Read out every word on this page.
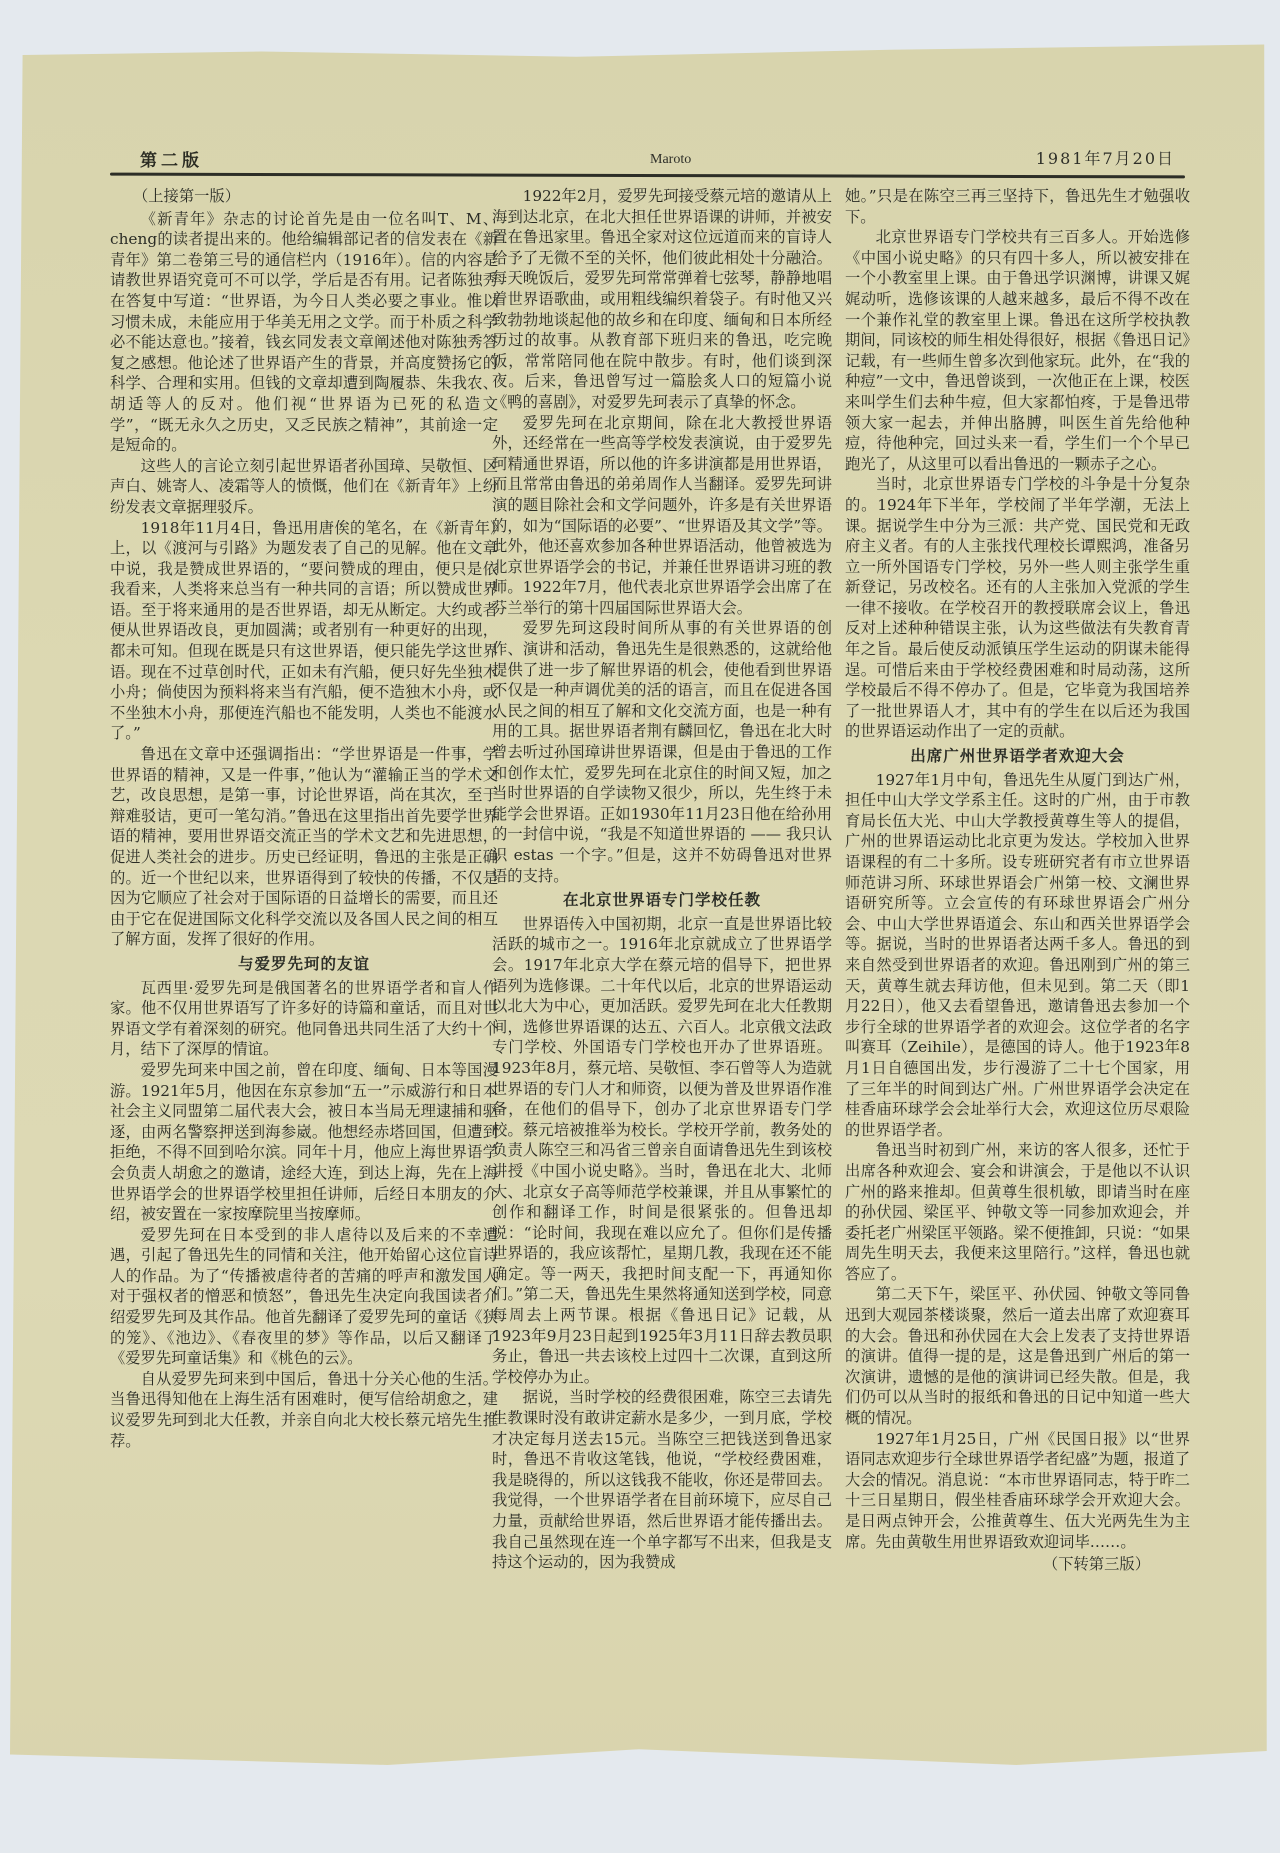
第二版	Maroto	1981年7月20日
（上接第一版）

《新青年》杂志的讨论首先是由一位名叫T、M、cheng的读者提出来的。他给编辑部记者的信发表在《新青年》第二卷第三号的通信栏内（1916年）。信的内容是请教世界语究竟可不可以学，学后是否有用。记者陈独秀在答复中写道：“世界语，为今日人类必要之事业。惟以习惯未成，未能应用于华美无用之文学。而于朴质之科学必不能达意也。”接着，钱玄同发表文章阐述他对陈独秀答复之感想。他论述了世界语产生的背景，并高度赞扬它的科学、合理和实用。但钱的文章却遭到陶履恭、朱我农、胡适等人的反对。他们视“世界语为已死的私造文学”，“既无永久之历史，又乏民族之精神”，其前途一定是短命的。

这些人的言论立刻引起世界语者孙国璋、吴敬恒、区声白、姚寄人、凌霜等人的愤慨，他们在《新青年》上纷纷发表文章据理驳斥。

1918年11月4日，鲁迅用唐俟的笔名，在《新青年》上，以《渡河与引路》为题发表了自己的见解。他在文章中说，我是赞成世界语的，“要问赞成的理由，便只是依我看来，人类将来总当有一种共同的言语；所以赞成世界语。至于将来通用的是否世界语，却无从断定。大约或者便从世界语改良，更加圆满；或者别有一种更好的出现，都未可知。但现在既是只有这世界语，便只能先学这世界语。现在不过草创时代，正如未有汽船，便只好先坐独木小舟；倘使因为预料将来当有汽船，便不造独木小舟，或不坐独木小舟，那便连汽船也不能发明，人类也不能渡水了。”

鲁迅在文章中还强调指出：“学世界语是一件事，学世界语的精神，又是一件事，”他认为“灌输正当的学术文艺，改良思想，是第一事，讨论世界语，尚在其次，至于辩难驳诘，更可一笔勾消。”鲁迅在这里指出首先要学世界语的精神，要用世界语交流正当的学术文艺和先进思想，促进人类社会的进步。历史已经证明，鲁迅的主张是正确的。近一个世纪以来，世界语得到了较快的传播，不仅是因为它顺应了社会对于国际语的日益增长的需要，而且还由于它在促进国际文化科学交流以及各国人民之间的相互了解方面，发挥了很好的作用。

与爱罗先珂的友谊

瓦西里·爱罗先珂是俄国著名的世界语学者和盲人作家。他不仅用世界语写了许多好的诗篇和童话，而且对世界语文学有着深刻的研究。他同鲁迅共同生活了大约十个月，结下了深厚的情谊。

爱罗先珂来中国之前，曾在印度、缅甸、日本等国漫游。1921年5月，他因在东京参加“五一”示威游行和日本社会主义同盟第二届代表大会，被日本当局无理逮捕和驱逐，由两名警察押送到海参崴。他想经赤塔回国，但遭到拒绝，不得不回到哈尔滨。同年十月，他应上海世界语学会负责人胡愈之的邀请，途经大连，到达上海，先在上海世界语学会的世界语学校里担任讲师，后经日本朋友的介绍，被安置在一家按摩院里当按摩师。

爱罗先珂在日本受到的非人虐待以及后来的不幸遭遇，引起了鲁迅先生的同情和关注，他开始留心这位盲诗人的作品。为了“传播被虐待者的苦痛的呼声和激发国人对于强权者的憎恶和愤怒”，鲁迅先生决定向我国读者介绍爱罗先珂及其作品。他首先翻译了爱罗先珂的童话《狭的笼》、《池边》、《春夜里的梦》等作品，以后又翻译了《爱罗先珂童话集》和《桃色的云》。

自从爱罗先珂来到中国后，鲁迅十分关心他的生活。当鲁迅得知他在上海生活有困难时，便写信给胡愈之，建议爱罗先珂到北大任教，并亲自向北大校长蔡元培先生推荐。

1922年2月，爱罗先珂接受蔡元培的邀请从上海到达北京，在北大担任世界语课的讲师，并被安置在鲁迅家里。鲁迅全家对这位远道而来的盲诗人给予了无微不至的关怀，他们彼此相处十分融洽。每天晚饭后，爱罗先珂常常弹着七弦琴，静静地唱着世界语歌曲，或用粗线编织着袋子。有时他又兴致勃勃地谈起他的故乡和在印度、缅甸和日本所经历过的故事。从教育部下班归来的鲁迅，吃完晚饭，常常陪同他在院中散步。有时，他们谈到深夜。后来，鲁迅曾写过一篇脍炙人口的短篇小说《鸭的喜剧》，对爱罗先珂表示了真挚的怀念。

爱罗先珂在北京期间，除在北大教授世界语外，还经常在一些高等学校发表演说，由于爱罗先珂精通世界语，所以他的许多讲演都是用世界语，而且常常由鲁迅的弟弟周作人当翻译。爱罗先珂讲演的题目除社会和文学问题外，许多是有关世界语的，如为“国际语的必要”、“世界语及其文学”等。此外，他还喜欢参加各种世界语活动，他曾被选为北京世界语学会的书记，并兼任世界语讲习班的教师。1922年7月，他代表北京世界语学会出席了在芬兰举行的第十四届国际世界语大会。

爱罗先珂这段时间所从事的有关世界语的创作、演讲和活动，鲁迅先生是很熟悉的，这就给他提供了进一步了解世界语的机会，使他看到世界语不仅是一种声调优美的活的语言，而且在促进各国人民之间的相互了解和文化交流方面，也是一种有用的工具。据世界语者荆有麟回忆，鲁迅在北大时曾去听过孙国璋讲世界语课，但是由于鲁迅的工作和创作太忙，爱罗先珂在北京住的时间又短，加之当时世界语的自学读物又很少，所以，先生终于未能学会世界语。正如1930年11月23日他在给孙用的一封信中说，“我是不知道世界语的 —— 我只认识 estas 一个字。”但是，这并不妨碍鲁迅对世界语的支持。

在北京世界语专门学校任教

世界语传入中国初期，北京一直是世界语比较活跃的城市之一。1916年北京就成立了世界语学会。1917年北京大学在蔡元培的倡导下，把世界语列为选修课。二十年代以后，北京的世界语运动以北大为中心，更加活跃。爱罗先珂在北大任教期间，选修世界语课的达五、六百人。北京俄文法政专门学校、外国语专门学校也开办了世界语班。1923年8月，蔡元培、吴敬恒、李石曾等人为造就世界语的专门人才和师资，以便为普及世界语作准备，在他们的倡导下，创办了北京世界语专门学校。蔡元培被推举为校长。学校开学前，教务处的负责人陈空三和冯省三曾亲自面请鲁迅先生到该校讲授《中国小说史略》。当时，鲁迅在北大、北师大、北京女子高等师范学校兼课，并且从事繁忙的创作和翻译工作，时间是很紧张的。但鲁迅却说：“论时间，我现在难以应允了。但你们是传播世界语的，我应该帮忙，星期几教，我现在还不能确定。等一两天，我把时间支配一下，再通知你们。”第二天，鲁迅先生果然将通知送到学校，同意每周去上两节课。根据《鲁迅日记》记载，从1923年9月23日起到1925年3月11日辞去教员职务止，鲁迅一共去该校上过四十二次课，直到这所学校停办为止。

据说，当时学校的经费很困难，陈空三去请先生教课时没有敢讲定薪水是多少，一到月底，学校才决定每月送去15元。当陈空三把钱送到鲁迅家时，鲁迅不肯收这笔钱，他说，“学校经费困难，我是晓得的，所以这钱我不能收，你还是带回去。我觉得，一个世界语学者在目前环境下，应尽自己力量，贡献给世界语，然后世界语才能传播出去。我自己虽然现在连一个单字都写不出来，但我是支持这个运动的，因为我赞成

她。”只是在陈空三再三坚持下，鲁迅先生才勉强收下。

北京世界语专门学校共有三百多人。开始选修《中国小说史略》的只有四十多人，所以被安排在一个小教室里上课。由于鲁迅学识渊博，讲课又娓娓动听，选修该课的人越来越多，最后不得不改在一个兼作礼堂的教室里上课。鲁迅在这所学校执教期间，同该校的师生相处得很好，根据《鲁迅日记》记载，有一些师生曾多次到他家玩。此外，在“我的种痘”一文中，鲁迅曾谈到，一次他正在上课，校医来叫学生们去种牛痘，但大家都怕疼，于是鲁迅带领大家一起去，并伸出胳膊，叫医生首先给他种痘，待他种完，回过头来一看，学生们一个个早已跑光了，从这里可以看出鲁迅的一颗赤子之心。

当时，北京世界语专门学校的斗争是十分复杂的。1924年下半年，学校闹了半年学潮，无法上课。据说学生中分为三派：共产党、国民党和无政府主义者。有的人主张找代理校长谭熙鸿，准备另立一所外国语专门学校，另外一些人则主张学生重新登记，另改校名。还有的人主张加入党派的学生一律不接收。在学校召开的教授联席会议上，鲁迅反对上述种种错误主张，认为这些做法有失教育青年之旨。最后使反动派镇压学生运动的阴谋未能得逞。可惜后来由于学校经费困难和时局动荡，这所学校最后不得不停办了。但是，它毕竟为我国培养了一批世界语人才，其中有的学生在以后还为我国的世界语运动作出了一定的贡献。

出席广州世界语学者欢迎大会

1927年1月中旬，鲁迅先生从厦门到达广州，担任中山大学文学系主任。这时的广州，由于市教育局长伍大光、中山大学教授黄尊生等人的提倡，广州的世界语运动比北京更为发达。学校加入世界语课程的有二十多所。设专班研究者有市立世界语师范讲习所、环球世界语会广州第一校、文澜世界语研究所等。立会宣传的有环球世界语会广州分会、中山大学世界语道会、东山和西关世界语学会等。据说，当时的世界语者达两千多人。鲁迅的到来自然受到世界语者的欢迎。鲁迅刚到广州的第三天，黄尊生就去拜访他，但未见到。第二天（即1月22日），他又去看望鲁迅，邀请鲁迅去参加一个步行全球的世界语学者的欢迎会。这位学者的名字叫赛耳（Zeihile），是德国的诗人。他于1923年8月1日自德国出发，步行漫游了二十七个国家，用了三年半的时间到达广州。广州世界语学会决定在桂香庙环球学会会址举行大会，欢迎这位历尽艰险的世界语学者。

鲁迅当时初到广州，来访的客人很多，还忙于出席各种欢迎会、宴会和讲演会，于是他以不认识广州的路来推却。但黄尊生很机敏，即请当时在座的孙伏园、梁匡平、钟敬文等一同参加欢迎会，并委托老广州梁匡平领路。梁不便推卸，只说：“如果周先生明天去，我便来这里陪行。”这样，鲁迅也就答应了。

第二天下午，梁匡平、孙伏园、钟敬文等同鲁迅到大观园茶楼谈聚，然后一道去出席了欢迎赛耳的大会。鲁迅和孙伏园在大会上发表了支持世界语的演讲。值得一提的是，这是鲁迅到广州后的第一次演讲，遗憾的是他的演讲词已经失散。但是，我们仍可以从当时的报纸和鲁迅的日记中知道一些大概的情况。

1927年1月25日，广州《民国日报》以“世界语同志欢迎步行全球世界语学者纪盛”为题，报道了大会的情况。消息说：“本市世界语同志，特于昨二十三日星期日，假坐桂香庙环球学会开欢迎大会。是日两点钟开会，公推黄尊生、伍大光两先生为主席。先由黄敬生用世界语致欢迎词毕……。

（下转第三版）
